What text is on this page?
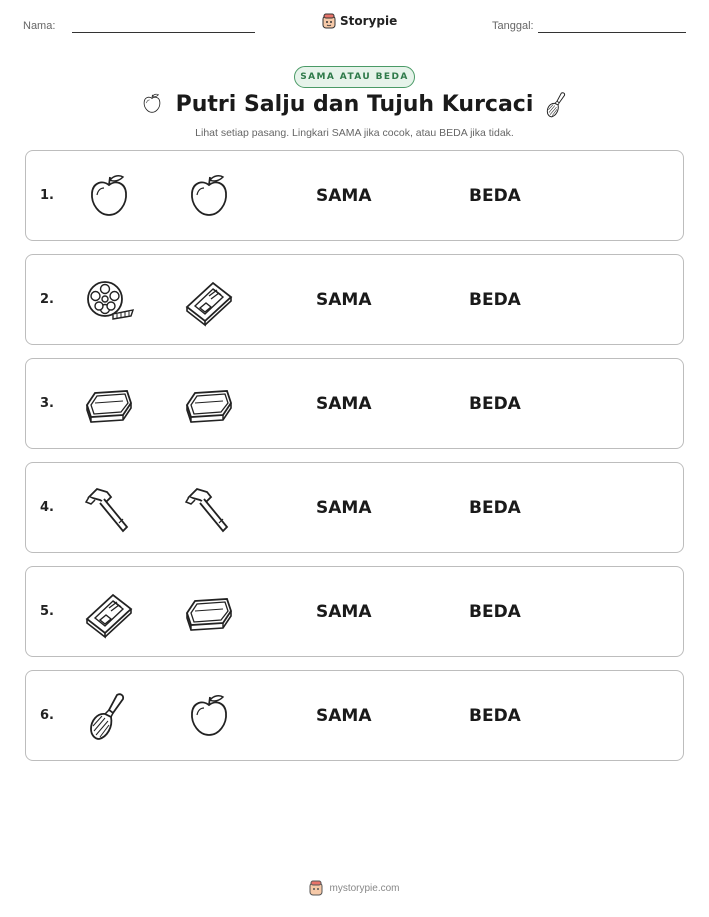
Nama:	Storypie	Tanggal:
SAMA ATAU BEDA
Putri Salju dan Tujuh Kurcaci
Lihat setiap pasang. Lingkari SAMA jika cocok, atau BEDA jika tidak.
1.	SAMA	BEDA
2.	SAMA	BEDA
3.	SAMA	BEDA
4.	SAMA	BEDA
5.	SAMA	BEDA
6.	SAMA	BEDA
mystorypie.com
